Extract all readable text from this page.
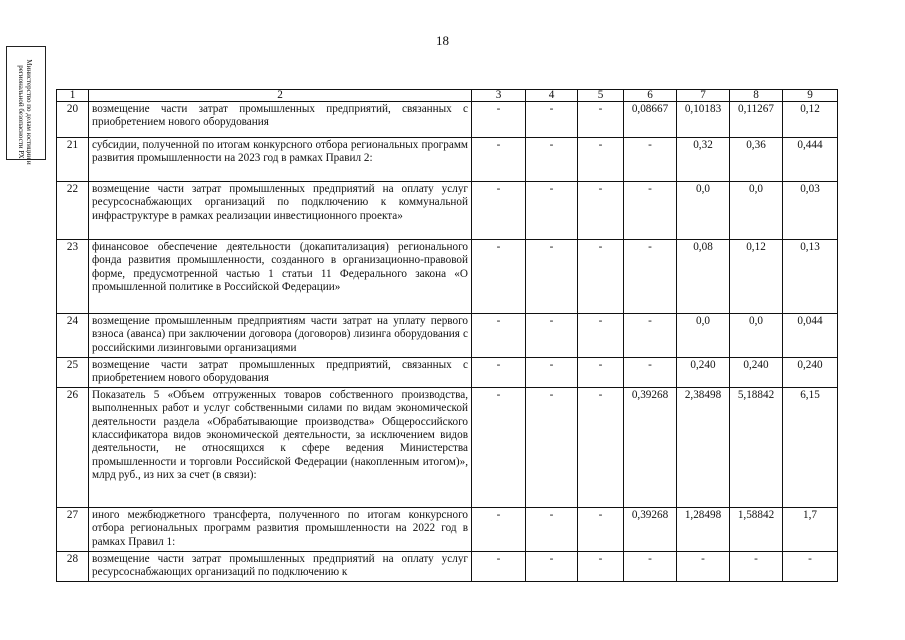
18
Министерство по делам юстиции и региональной безопасности РХ	1	2	3	4	5	6	7	8	9
20	возмещение части затрат промышленных предприятий, связанных с приобретением нового оборудования	-	-	-	0,08667	0,10183	0,11267	0,12
21	субсидии, полученной по итогам конкурсного отбора региональных программ развития промышленности на 2023 год в рамках Правил 2:	-	-	-	-	0,32	0,36	0,444
22	возмещение части затрат промышленных предприятий на оплату услуг ресурсоснабжающих организаций по подключению к коммунальной инфраструктуре в рамках реализации инвестиционного проекта»	-	-	-	-	0,0	0,0	0,03
23	финансовое обеспечение деятельности (докапитализация) регионального фонда развития промышленности, созданного в организационно-правовой форме, предусмотренной частью 1 статьи 11 Федерального закона «О промышленной политике в Российской Федерации»	-	-	-	-	0,08	0,12	0,13
24	возмещение промышленным предприятиям части затрат на уплату первого взноса (аванса) при заключении договора (договоров) лизинга оборудования с российскими лизинговыми организациями	-	-	-	-	0,0	0,0	0,044
25	возмещение части затрат промышленных предприятий, связанных с приобретением нового оборудования	-	-	-	-	0,240	0,240	0,240
26	Показатель 5 «Объем отгруженных товаров собственного производства, выполненных работ и услуг собственными силами по видам экономической деятельности раздела «Обрабатывающие производства» Общероссийского классификатора видов экономической деятельности, за исключением видов деятельности, не относящихся к сфере ведения Министерства промышленности и торговли Российской Федерации (накопленным итогом)», млрд руб., из них за счет (в связи):	-	-	-	0,39268	2,38498	5,18842	6,15
27	иного межбюджетного трансферта, полученного по итогам конкурсного отбора региональных программ развития промышленности на 2022 год в рамках Правил 1:	-	-	-	0,39268	1,28498	1,58842	1,7
28	возмещение части затрат промышленных предприятий на оплату услуг ресурсоснабжающих организаций по подключению к	-	-	-	-	-	-	-
